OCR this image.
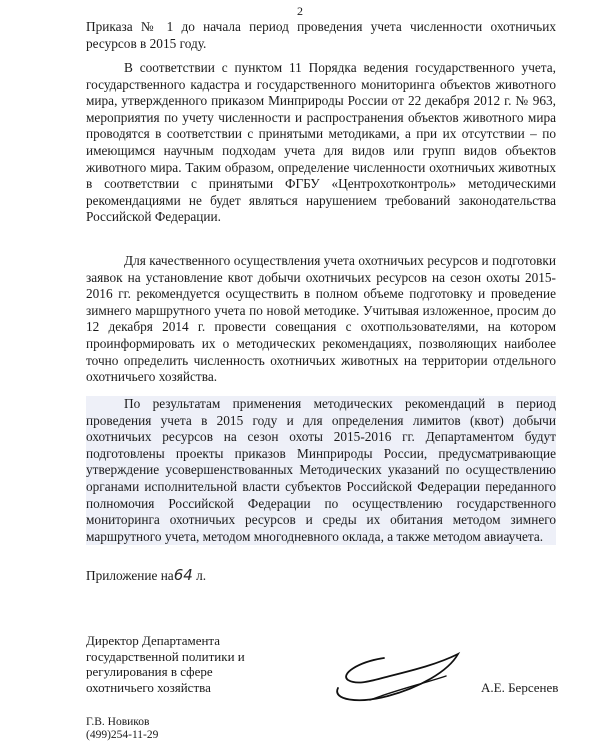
2

Приказа № 1 до начала период проведения учета численности охотничьих ресурсов в 2015 году.

В соответствии с пунктом 11 Порядка ведения государственного учета, государственного кадастра и государственного мониторинга объектов животного мира, утвержденного приказом Минприроды России от 22 декабря 2012 г. № 963, мероприятия по учету численности и распространения объектов животного мира проводятся в соответствии с принятыми методиками, а при их отсутствии – по имеющимся научным подходам учета для видов или групп видов объектов животного мира. Таким образом, определение численности охотничьих животных в соответствии с принятыми ФГБУ «Центрохотконтроль» методическими рекомендациями не будет являться нарушением требований законодательства Российской Федерации.

Для качественного осуществления учета охотничьих ресурсов и подготовки заявок на установление квот добычи охотничьих ресурсов на сезон охоты 2015-2016 гг. рекомендуется осуществить в полном объеме подготовку и проведение зимнего маршрутного учета по новой методике. Учитывая изложенное, просим до 12 декабря 2014 г. провести совещания с охотпользователями, на котором проинформировать их о методических рекомендациях, позволяющих наиболее точно определить численность охотничьих животных на территории отдельного охотничьего хозяйства.

По результатам применения методических рекомендаций в период проведения учета в 2015 году и для определения лимитов (квот) добычи охотничьих ресурсов на сезон охоты 2015-2016 гг. Департаментом будут подготовлены проекты приказов Минприроды России, предусматривающие утверждение усовершенствованных Методических указаний по осуществлению органами исполнительной власти субъектов Российской Федерации переданного полномочия Российской Федерации по осуществлению государственного мониторинга охотничьих ресурсов и среды их обитания методом зимнего маршрутного учета, методом многодневного оклада, а также методом авиаучета.

Приложение на64 л.
Директор Департамента
государственной политики и
регулирования в сфере
охотничьего хозяйства	А.Е. Берсенев
Г.В. Новиков
(499)254-11-29
